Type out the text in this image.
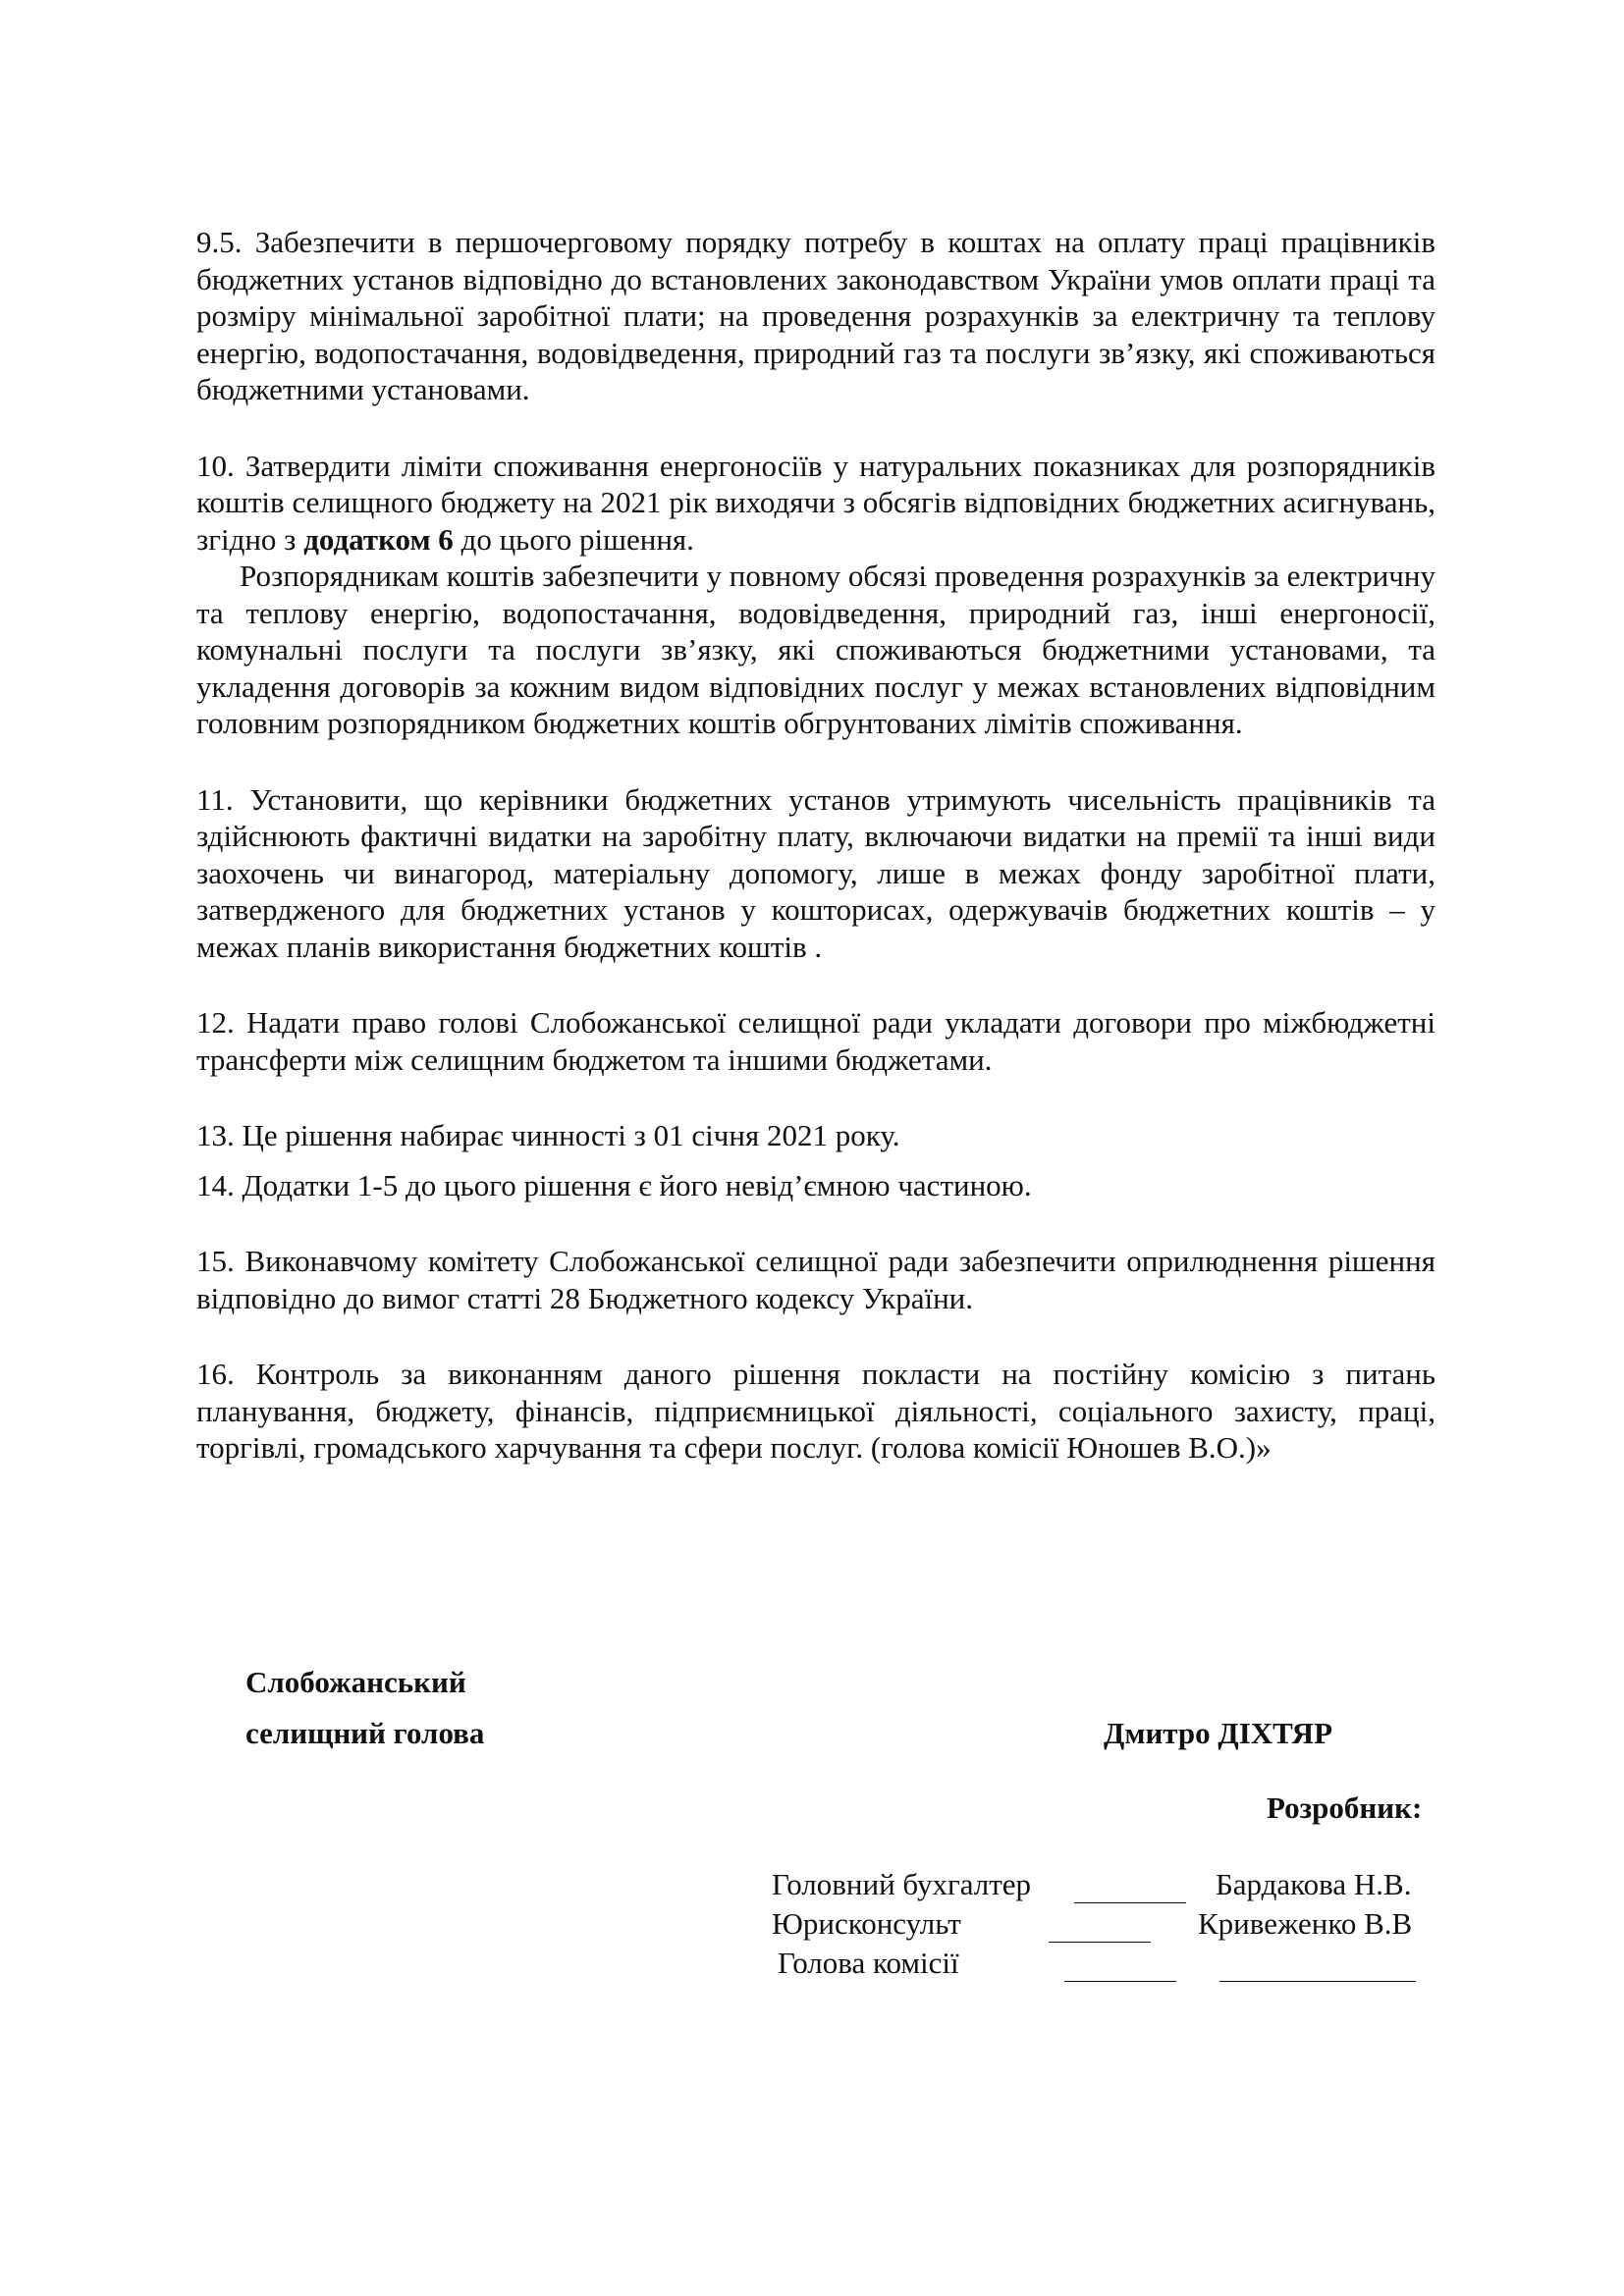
9.5. Забезпечити в першочерговому порядку потребу в коштах на оплату праці працівників бюджетних установ відповідно до встановлених законодавством України умов оплати праці та розміру мінімальної заробітної плати; на проведення розрахунків за електричну та теплову енергію, водопостачання, водовідведення, природний газ та послуги зв’язку, які споживаються бюджетними установами.

10. Затвердити ліміти споживання енергоносіїв у натуральних показниках для розпорядників коштів селищного бюджету на 2021 рік виходячи з обсягів відповідних бюджетних асигнувань, згідно з додатком 6 до цього рішення.

Розпорядникам коштів забезпечити у повному обсязі проведення розрахунків за електричну та теплову енергію, водопостачання, водовідведення, природний газ, інші енергоносії, комунальні послуги та послуги зв’язку, які споживаються бюджетними установами, та укладення договорів за кожним видом відповідних послуг у межах встановлених відповідним головним розпорядником бюджетних коштів обгрунтованих лімітів споживання.

11. Установити, що керівники бюджетних установ утримують чисельність працівників та здійснюють фактичні видатки на заробітну плату, включаючи видатки на премії та інші види заохочень чи винагород, матеріальну допомогу, лише в межах фонду заробітної плати, затвердженого для бюджетних установ у кошторисах, одержувачів бюджетних коштів – у межах планів використання бюджетних коштів .

12. Надати право голові Слобожанської селищної ради укладати договори про міжбюджетні трансферти між селищним бюджетом та іншими бюджетами.

13. Це рішення набирає чинності з 01 січня 2021 року.

14. Додатки 1-5 до цього рішення є його невід’ємною частиною.

15. Виконавчому комітету Слобожанської селищної ради забезпечити оприлюднення рішення відповідно до вимог статті 28 Бюджетного кодексу України.

16. Контроль за виконанням даного рішення покласти на постійну комісію з питань планування, бюджету, фінансів, підприємницької діяльності, соціального захисту, праці, торгівлі, громадського харчування та сфери послуг. (голова комісії Юношев В.О.)»

Слобожанський
селищний голова	Дмитро ДІХТЯР
Розробник:
Головний бухгалтер	Бардакова Н.В.
Юрисконсульт	Кривеженко В.В
Голова комісії
